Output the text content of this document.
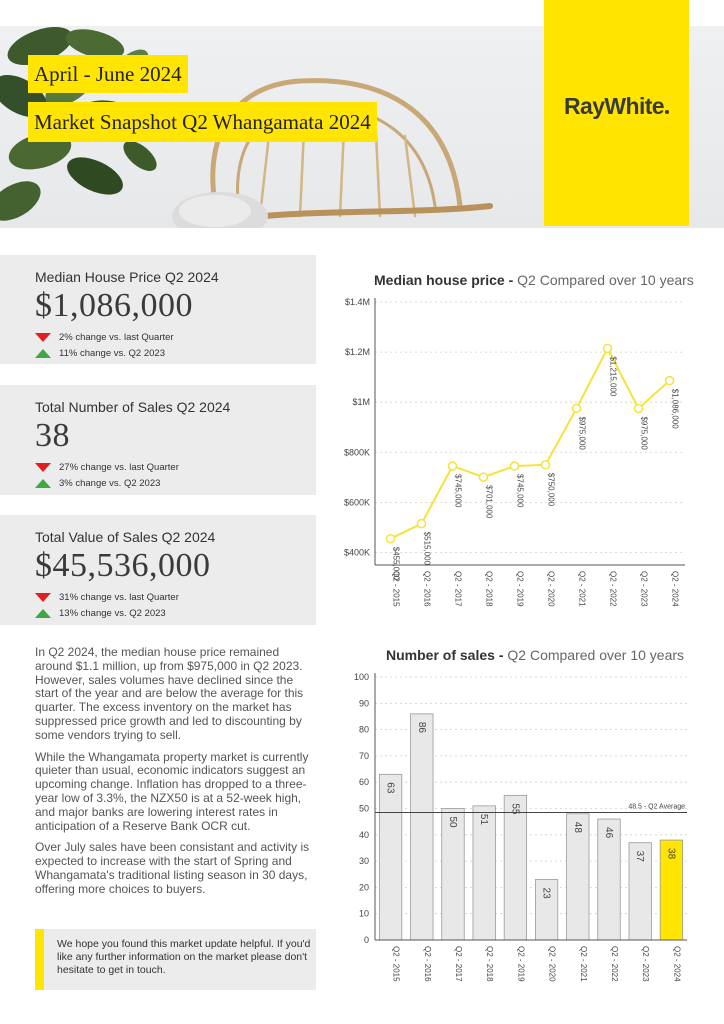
April - June 2024
Market Snapshot Q2 Whangamata 2024
RayWhite
Median House Price Q2 2024
$1,086,000
2% change vs. last Quarter
11% change vs. Q2 2023
Total Number of Sales Q2 2024
38
27% change vs. last Quarter
3% change vs. Q2 2023
Total Value of Sales Q2 2024
$45,536,000
31% change vs. last Quarter
13% change vs. Q2 2023

In Q2 2024, the median house price remained around $1.1 million, up from $975,000 in Q2 2023. However, sales volumes have declined since the start of the year and are below the average for this quarter. The excess inventory on the market has suppressed price growth and led to discounting by some vendors trying to sell.

While the Whangamata property market is currently quieter than usual, economic indicators suggest an upcoming change. Inflation has dropped to a three-year low of 3.3%, the NZX50 is at a 52-week high, and major banks are lowering interest rates in anticipation of a Reserve Bank OCR cut.

Over July sales have been consistant and activity is expected to increase with the start of Spring and Whangamata's traditional listing season in 30 days, offering more choices to buyers.

We hope you found this market update helpful. If you'd like any further information on the market please don't hesitate to get in touch.
Median house price - Q2 Compared over 10 years
$400K
$600K
$800K
$1M
$1.2M
$1.4M
$455,000
Q2 - 2015
$515,000
Q2 - 2016
$745,000
Q2 - 2017
$701,000
Q2 - 2018
$745,000
Q2 - 2019
$750,000
Q2 - 2020
$975,000
Q2 - 2021
$1,215,000
Q2 - 2022
$975,000
Q2 - 2023
$1,086,000
Q2 - 2024
Number of sales - Q2 Compared over 10 years
0
10
20
30
40
50
60
70
80
90
100
63
Q2 - 2015
86
Q2 - 2016
50
Q2 - 2017
51
Q2 - 2018
55
Q2 - 2019
23
Q2 - 2020
48
Q2 - 2021
46
Q2 - 2022
37
Q2 - 2023
38
Q2 - 2024
48.5 - Q2 Average
